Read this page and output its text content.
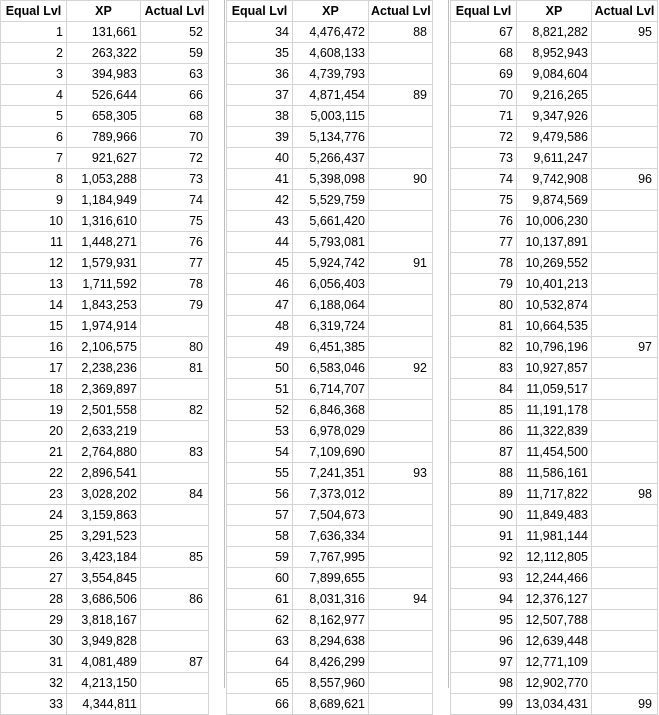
Equal Lvl	XP	Actual Lvl
1	131,661	52
2	263,322	59
3	394,983	63
4	526,644	66
5	658,305	68
6	789,966	70
7	921,627	72
8	1,053,288	73
9	1,184,949	74
10	1,316,610	75
11	1,448,271	76
12	1,579,931	77
13	1,711,592	78
14	1,843,253	79
15	1,974,914	
16	2,106,575	80
17	2,238,236	81
18	2,369,897	
19	2,501,558	82
20	2,633,219	
21	2,764,880	83
22	2,896,541	
23	3,028,202	84
24	3,159,863	
25	3,291,523	
26	3,423,184	85
27	3,554,845	
28	3,686,506	86
29	3,818,167	
30	3,949,828	
31	4,081,489	87
32	4,213,150	
33	4,344,811	
Equal Lvl	XP	Actual Lvl
34	4,476,472	88
35	4,608,133	
36	4,739,793	
37	4,871,454	89
38	5,003,115	
39	5,134,776	
40	5,266,437	
41	5,398,098	90
42	5,529,759	
43	5,661,420	
44	5,793,081	
45	5,924,742	91
46	6,056,403	
47	6,188,064	
48	6,319,724	
49	6,451,385	
50	6,583,046	92
51	6,714,707	
52	6,846,368	
53	6,978,029	
54	7,109,690	
55	7,241,351	93
56	7,373,012	
57	7,504,673	
58	7,636,334	
59	7,767,995	
60	7,899,655	
61	8,031,316	94
62	8,162,977	
63	8,294,638	
64	8,426,299	
65	8,557,960	
66	8,689,621	
Equal Lvl	XP	Actual Lvl
67	8,821,282	95
68	8,952,943	
69	9,084,604	
70	9,216,265	
71	9,347,926	
72	9,479,586	
73	9,611,247	
74	9,742,908	96
75	9,874,569	
76	10,006,230	
77	10,137,891	
78	10,269,552	
79	10,401,213	
80	10,532,874	
81	10,664,535	
82	10,796,196	97
83	10,927,857	
84	11,059,517	
85	11,191,178	
86	11,322,839	
87	11,454,500	
88	11,586,161	
89	11,717,822	98
90	11,849,483	
91	11,981,144	
92	12,112,805	
93	12,244,466	
94	12,376,127	
95	12,507,788	
96	12,639,448	
97	12,771,109	
98	12,902,770	
99	13,034,431	99
